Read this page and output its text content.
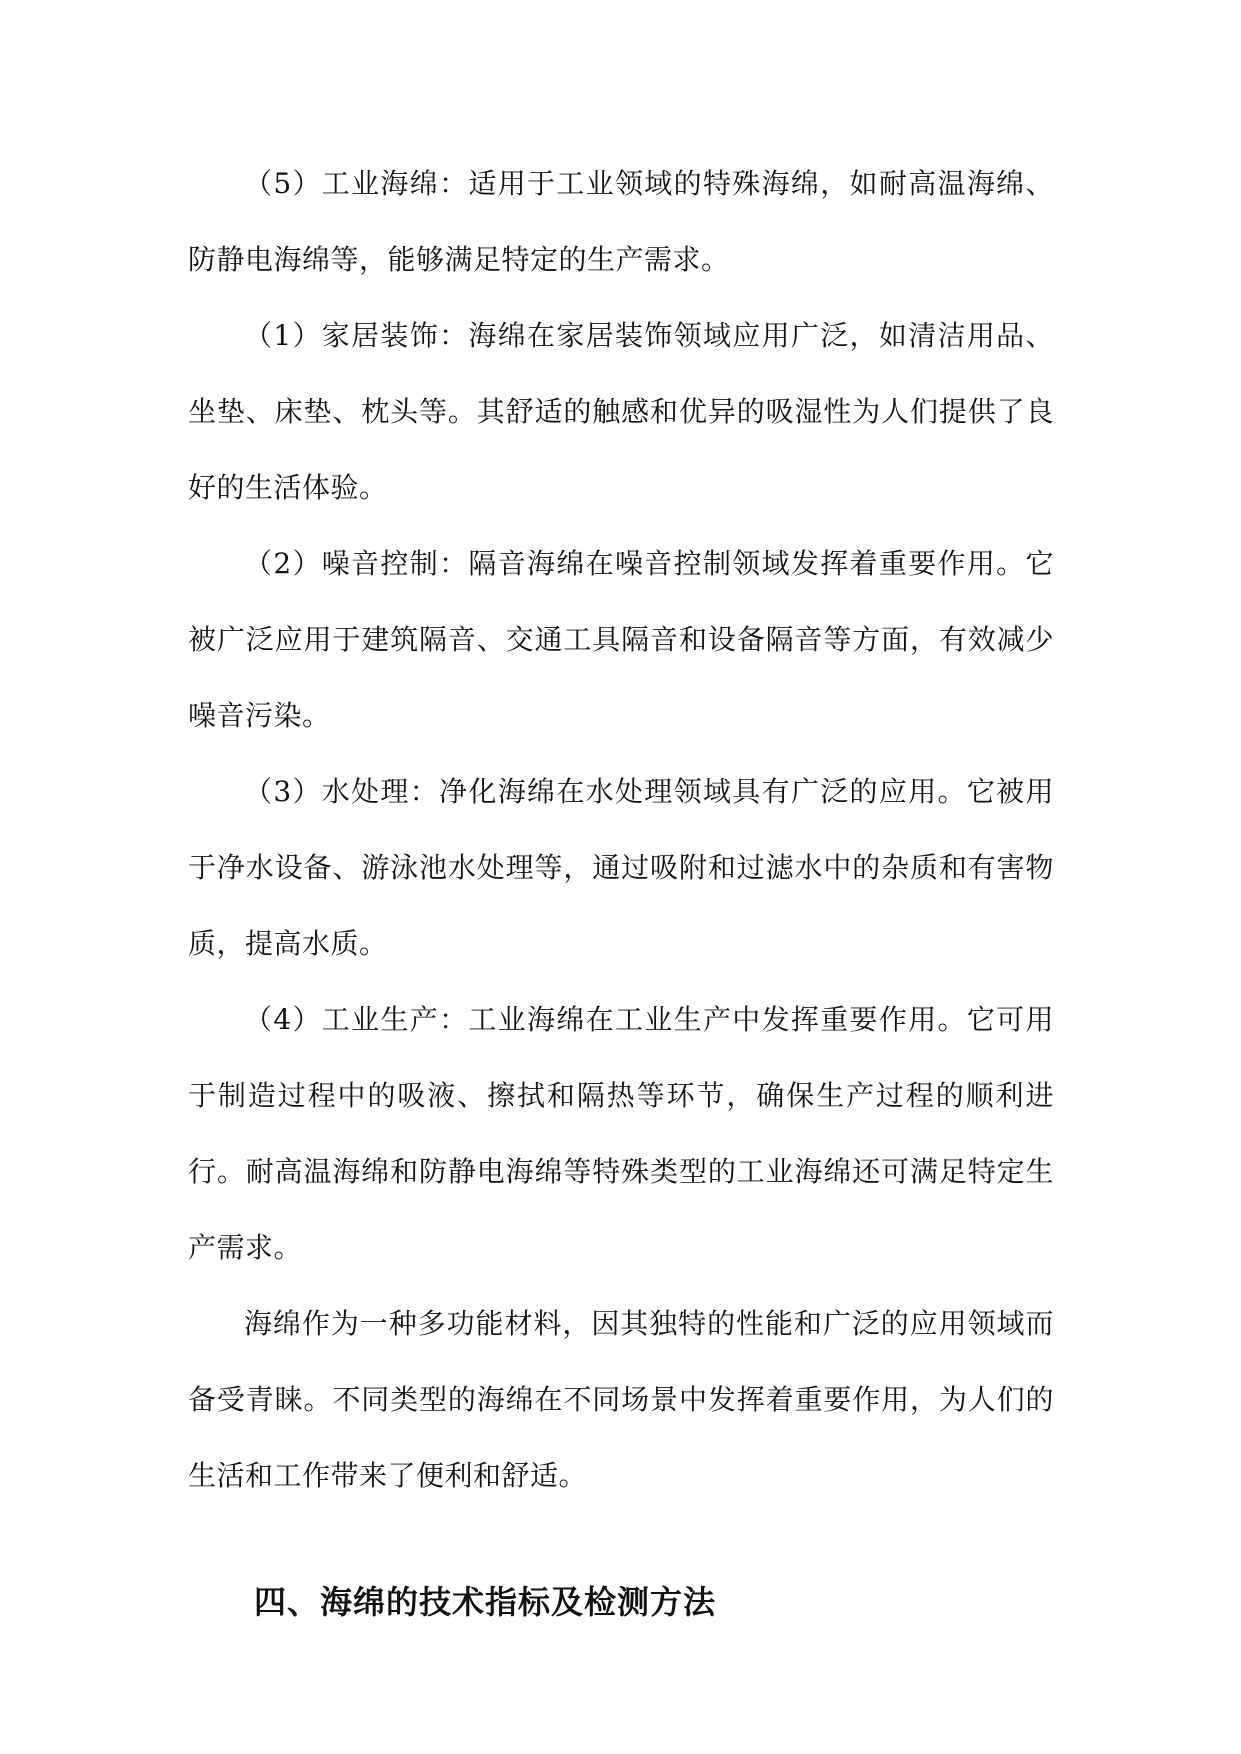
（5）工业海绵：适用于工业领域的特殊海绵，如耐高温海绵、防静电海绵等，能够满足特定的生产需求。

（1）家居装饰：海绵在家居装饰领域应用广泛，如清洁用品、坐垫、床垫、枕头等。其舒适的触感和优异的吸湿性为人们提供了良好的生活体验。

（2）噪音控制：隔音海绵在噪音控制领域发挥着重要作用。它被广泛应用于建筑隔音、交通工具隔音和设备隔音等方面，有效减少噪音污染。

（3）水处理：净化海绵在水处理领域具有广泛的应用。它被用于净水设备、游泳池水处理等，通过吸附和过滤水中的杂质和有害物质，提高水质。

（4）工业生产：工业海绵在工业生产中发挥重要作用。它可用于制造过程中的吸液、擦拭和隔热等环节，确保生产过程的顺利进行。耐高温海绵和防静电海绵等特殊类型的工业海绵还可满足特定生产需求。

海绵作为一种多功能材料，因其独特的性能和广泛的应用领域而备受青睐。不同类型的海绵在不同场景中发挥着重要作用，为人们的生活和工作带来了便利和舒适。

四、海绵的技术指标及检测方法
